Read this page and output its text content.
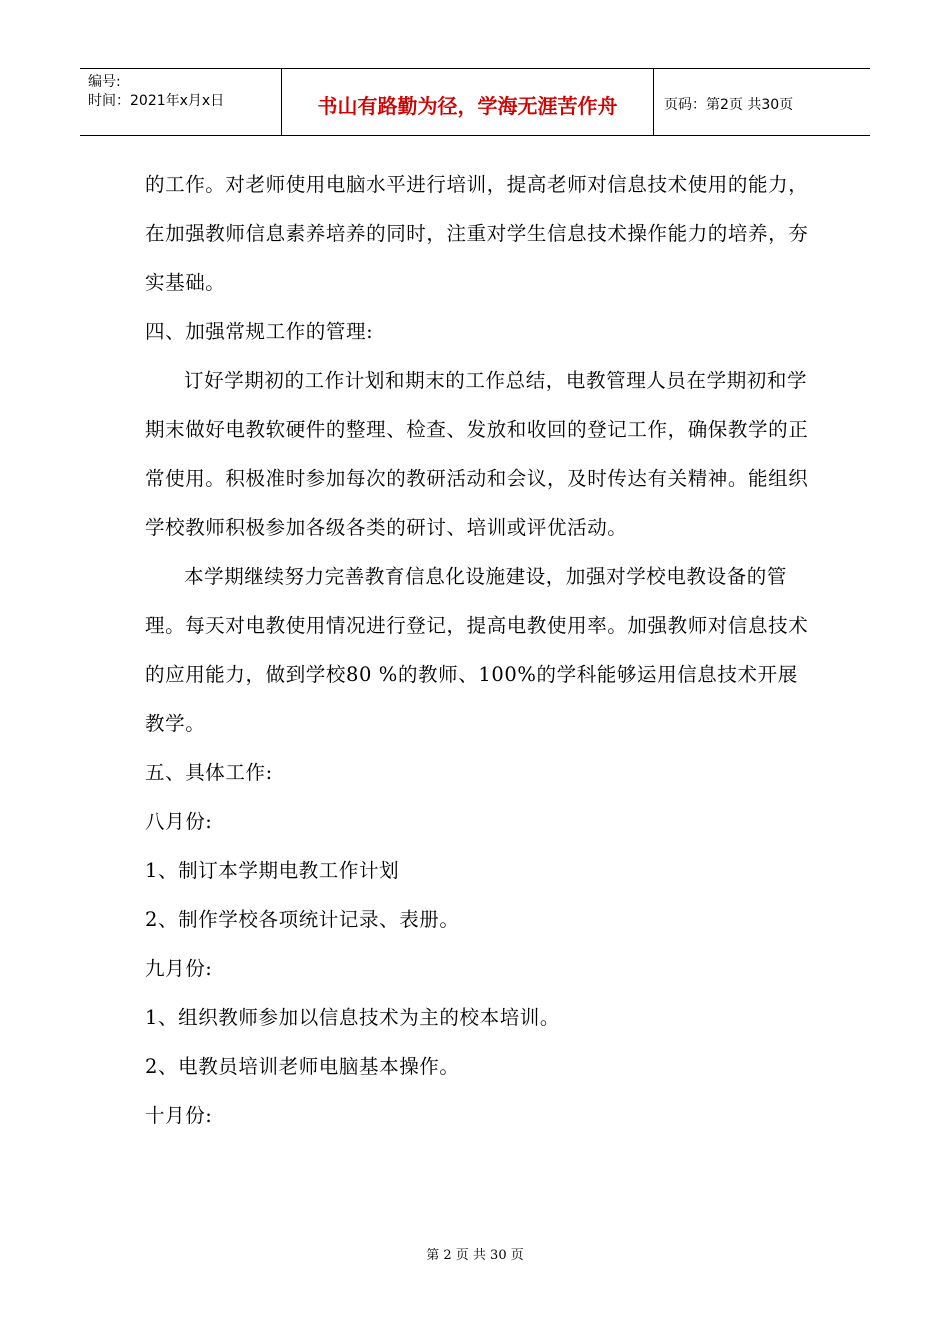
编号:
时间：2021年x月x日	书山有路勤为径，学海无涯苦作舟	页码：第2页 共30页

的工作。对老师使用电脑水平进行培训，提高老师对信息技术使用的能力，在加强教师信息素养培养的同时，注重对学生信息技术操作能力的培养，夯实基础。

四、加强常规工作的管理:

订好学期初的工作计划和期末的工作总结，电教管理人员在学期初和学期末做好电教软硬件的整理、检查、发放和收回的登记工作，确保教学的正常使用。积极准时参加每次的教研活动和会议，及时传达有关精神。能组织学校教师积极参加各级各类的研讨、培训或评优活动。

本学期继续努力完善教育信息化设施建设，加强对学校电教设备的管理。每天对电教使用情况进行登记，提高电教使用率。加强教师对信息技术的应用能力，做到学校80 %的教师、100%的学科能够运用信息技术开展教学。

五、具体工作:

八月份:

1、制订本学期电教工作计划

2、制作学校各项统计记录、表册。

九月份:

1、组织教师参加以信息技术为主的校本培训。

2、电教员培训老师电脑基本操作。

十月份:

第 2 页 共 30 页
